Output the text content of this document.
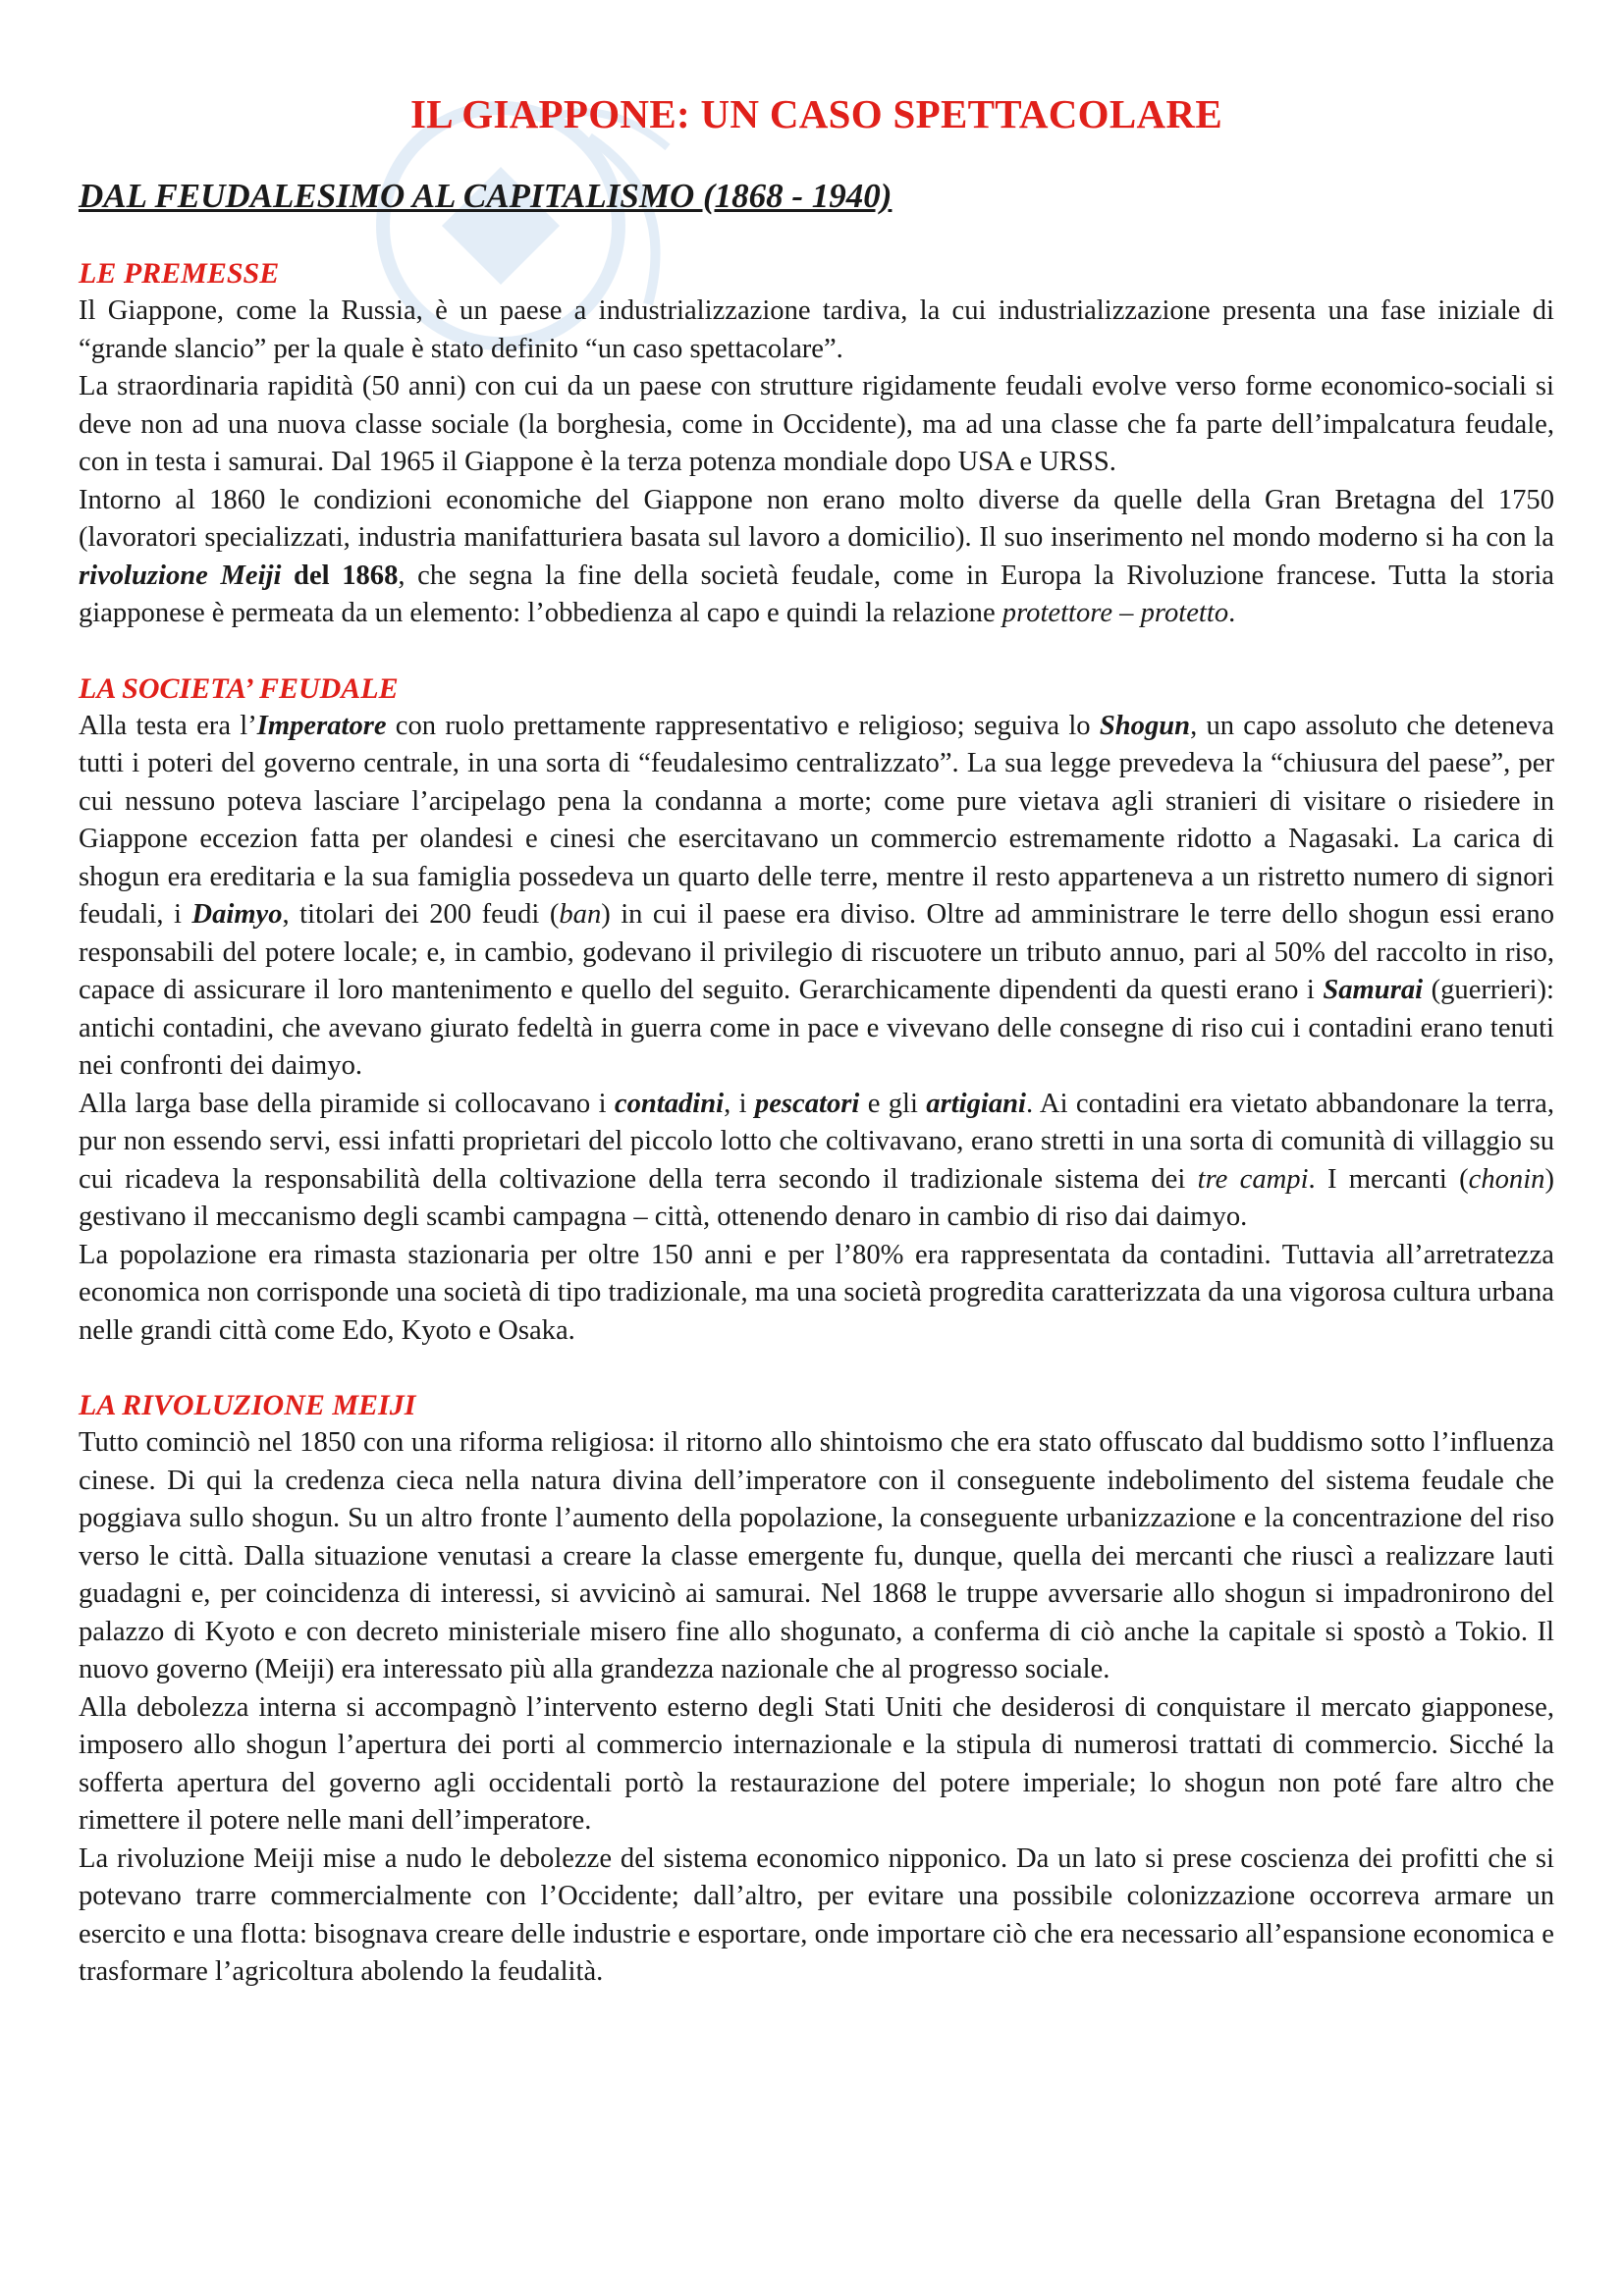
IL GIAPPONE: UN CASO SPETTACOLARE
DAL FEUDALESIMO AL CAPITALISMO (1868 - 1940)
LE PREMESSE

Il Giappone, come la Russia, è un paese a industrializzazione tardiva, la cui industrializzazione presenta una fase iniziale di “grande slancio” per la quale è stato definito “un caso spettacolare”.

La straordinaria rapidità (50 anni) con cui da un paese con strutture rigidamente feudali evolve verso forme economico-sociali si deve non ad una nuova classe sociale (la borghesia, come in Occidente), ma ad una classe che fa parte dell’impalcatura feudale, con in testa i samurai. Dal 1965 il Giappone è la terza potenza mondiale dopo USA e URSS.

Intorno al 1860 le condizioni economiche del Giappone non erano molto diverse da quelle della Gran Bretagna del 1750 (lavoratori specializzati, industria manifatturiera basata sul lavoro a domicilio). Il suo inserimento nel mondo moderno si ha con la rivoluzione Meiji del 1868, che segna la fine della società feudale, come in Europa la Rivoluzione francese. Tutta la storia giapponese è permeata da un elemento: l’obbedienza al capo e quindi la relazione protettore – protetto.

LA SOCIETA’ FEUDALE

Alla testa era l’Imperatore con ruolo prettamente rappresentativo e religioso; seguiva lo Shogun, un capo assoluto che deteneva tutti i poteri del governo centrale, in una sorta di “feudalesimo centralizzato”. La sua legge prevedeva la “chiusura del paese”, per cui nessuno poteva lasciare l’arcipelago pena la condanna a morte; come pure vietava agli stranieri di visitare o risiedere in Giappone eccezion fatta per olandesi e cinesi che esercitavano un commercio estremamente ridotto a Nagasaki. La carica di shogun era ereditaria e la sua famiglia possedeva un quarto delle terre, mentre il resto apparteneva a un ristretto numero di signori feudali, i Daimyo, titolari dei 200 feudi (ban) in cui il paese era diviso. Oltre ad amministrare le terre dello shogun essi erano responsabili del potere locale; e, in cambio, godevano il privilegio di riscuotere un tributo annuo, pari al 50% del raccolto in riso, capace di assicurare il loro mantenimento e quello del seguito. Gerarchicamente dipendenti da questi erano i Samurai (guerrieri): antichi contadini, che avevano giurato fedeltà in guerra come in pace e vivevano delle consegne di riso cui i contadini erano tenuti nei confronti dei daimyo.

Alla larga base della piramide si collocavano i contadini, i pescatori e gli artigiani. Ai contadini era vietato abbandonare la terra, pur non essendo servi, essi infatti proprietari del piccolo lotto che coltivavano, erano stretti in una sorta di comunità di villaggio su cui ricadeva la responsabilità della coltivazione della terra secondo il tradizionale sistema dei tre campi. I mercanti (chonin) gestivano il meccanismo degli scambi campagna – città, ottenendo denaro in cambio di riso dai daimyo.

La popolazione era rimasta stazionaria per oltre 150 anni e per l’80% era rappresentata da contadini. Tuttavia all’arretratezza economica non corrisponde una società di tipo tradizionale, ma una società progredita caratterizzata da una vigorosa cultura urbana nelle grandi città come Edo, Kyoto e Osaka.

LA RIVOLUZIONE MEIJI

Tutto cominciò nel 1850 con una riforma religiosa: il ritorno allo shintoismo che era stato offuscato dal buddismo sotto l’influenza cinese. Di qui la credenza cieca nella natura divina dell’imperatore con il conseguente indebolimento del sistema feudale che poggiava sullo shogun. Su un altro fronte l’aumento della popolazione, la conseguente urbanizzazione e la concentrazione del riso verso le città. Dalla situazione venutasi a creare la classe emergente fu, dunque, quella dei mercanti che riuscì a realizzare lauti guadagni e, per coincidenza di interessi, si avvicinò ai samurai. Nel 1868 le truppe avversarie allo shogun si impadronirono del palazzo di Kyoto e con decreto ministeriale misero fine allo shogunato, a conferma di ciò anche la capitale si spostò a Tokio. Il nuovo governo (Meiji) era interessato più alla grandezza nazionale che al progresso sociale.

Alla debolezza interna si accompagnò l’intervento esterno degli Stati Uniti che desiderosi di conquistare il mercato giapponese, imposero allo shogun l’apertura dei porti al commercio internazionale e la stipula di numerosi trattati di commercio. Sicché la sofferta apertura del governo agli occidentali portò la restaurazione del potere imperiale; lo shogun non poté fare altro che rimettere il potere nelle mani dell’imperatore.

La rivoluzione Meiji mise a nudo le debolezze del sistema economico nipponico. Da un lato si prese coscienza dei profitti che si potevano trarre commercialmente con l’Occidente; dall’altro, per evitare una possibile colonizzazione occorreva armare un esercito e una flotta: bisognava creare delle industrie e esportare, onde importare ciò che era necessario all’espansione economica e trasformare l’agricoltura abolendo la feudalità.
